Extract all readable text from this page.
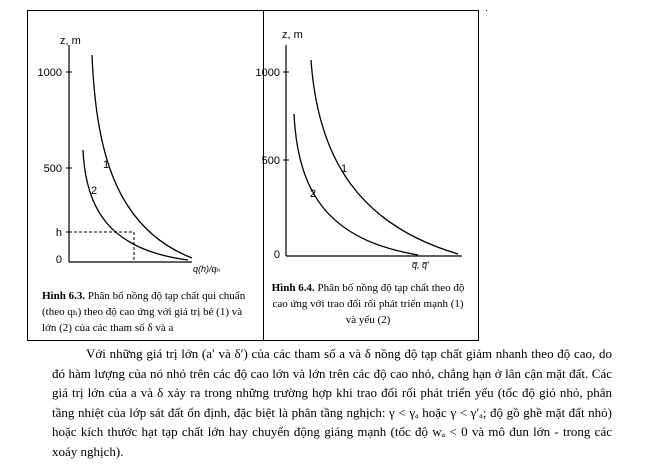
z, m
1000
500
h
0
1
2
q(h)/qₕ
z, m
1000
500
0
1
2
q̅, q̅'
Hình 6.3. Phân bố nồng độ tạp chất qui chuẩn (theo qₕ) theo độ cao ứng với giá trị bé (1) và lớn (2) của các tham số δ và a
Hình 6.4. Phân bố nồng độ tạp chất theo độ cao ứng với trao đổi rối phát triển mạnh (1) và yếu (2)
Với những giá trị lớn (a′ và δ′) của các tham số a và δ nồng độ tạp chất giảm nhanh theo độ cao, do đó hàm lượng của nó nhỏ trên các độ cao lớn và lớn trên các độ cao nhỏ, chẳng hạn ở lân cận mặt đất. Các giá trị lớn của a và δ xảy ra trong những trường hợp khi trao đổi rối phát triển yếu (tốc độ gió nhỏ, phân tầng nhiệt của lớp sát đất ổn định, đặc biệt là phân tầng nghịch: γ < γₐ hoặc γ < γ′ₐ; độ gồ ghề mặt đất nhỏ) hoặc kích thước hạt tạp chất lớn hay chuyển động giáng mạnh (tốc độ wₐ < 0 và mô đun lớn - trong các xoáy nghịch).
